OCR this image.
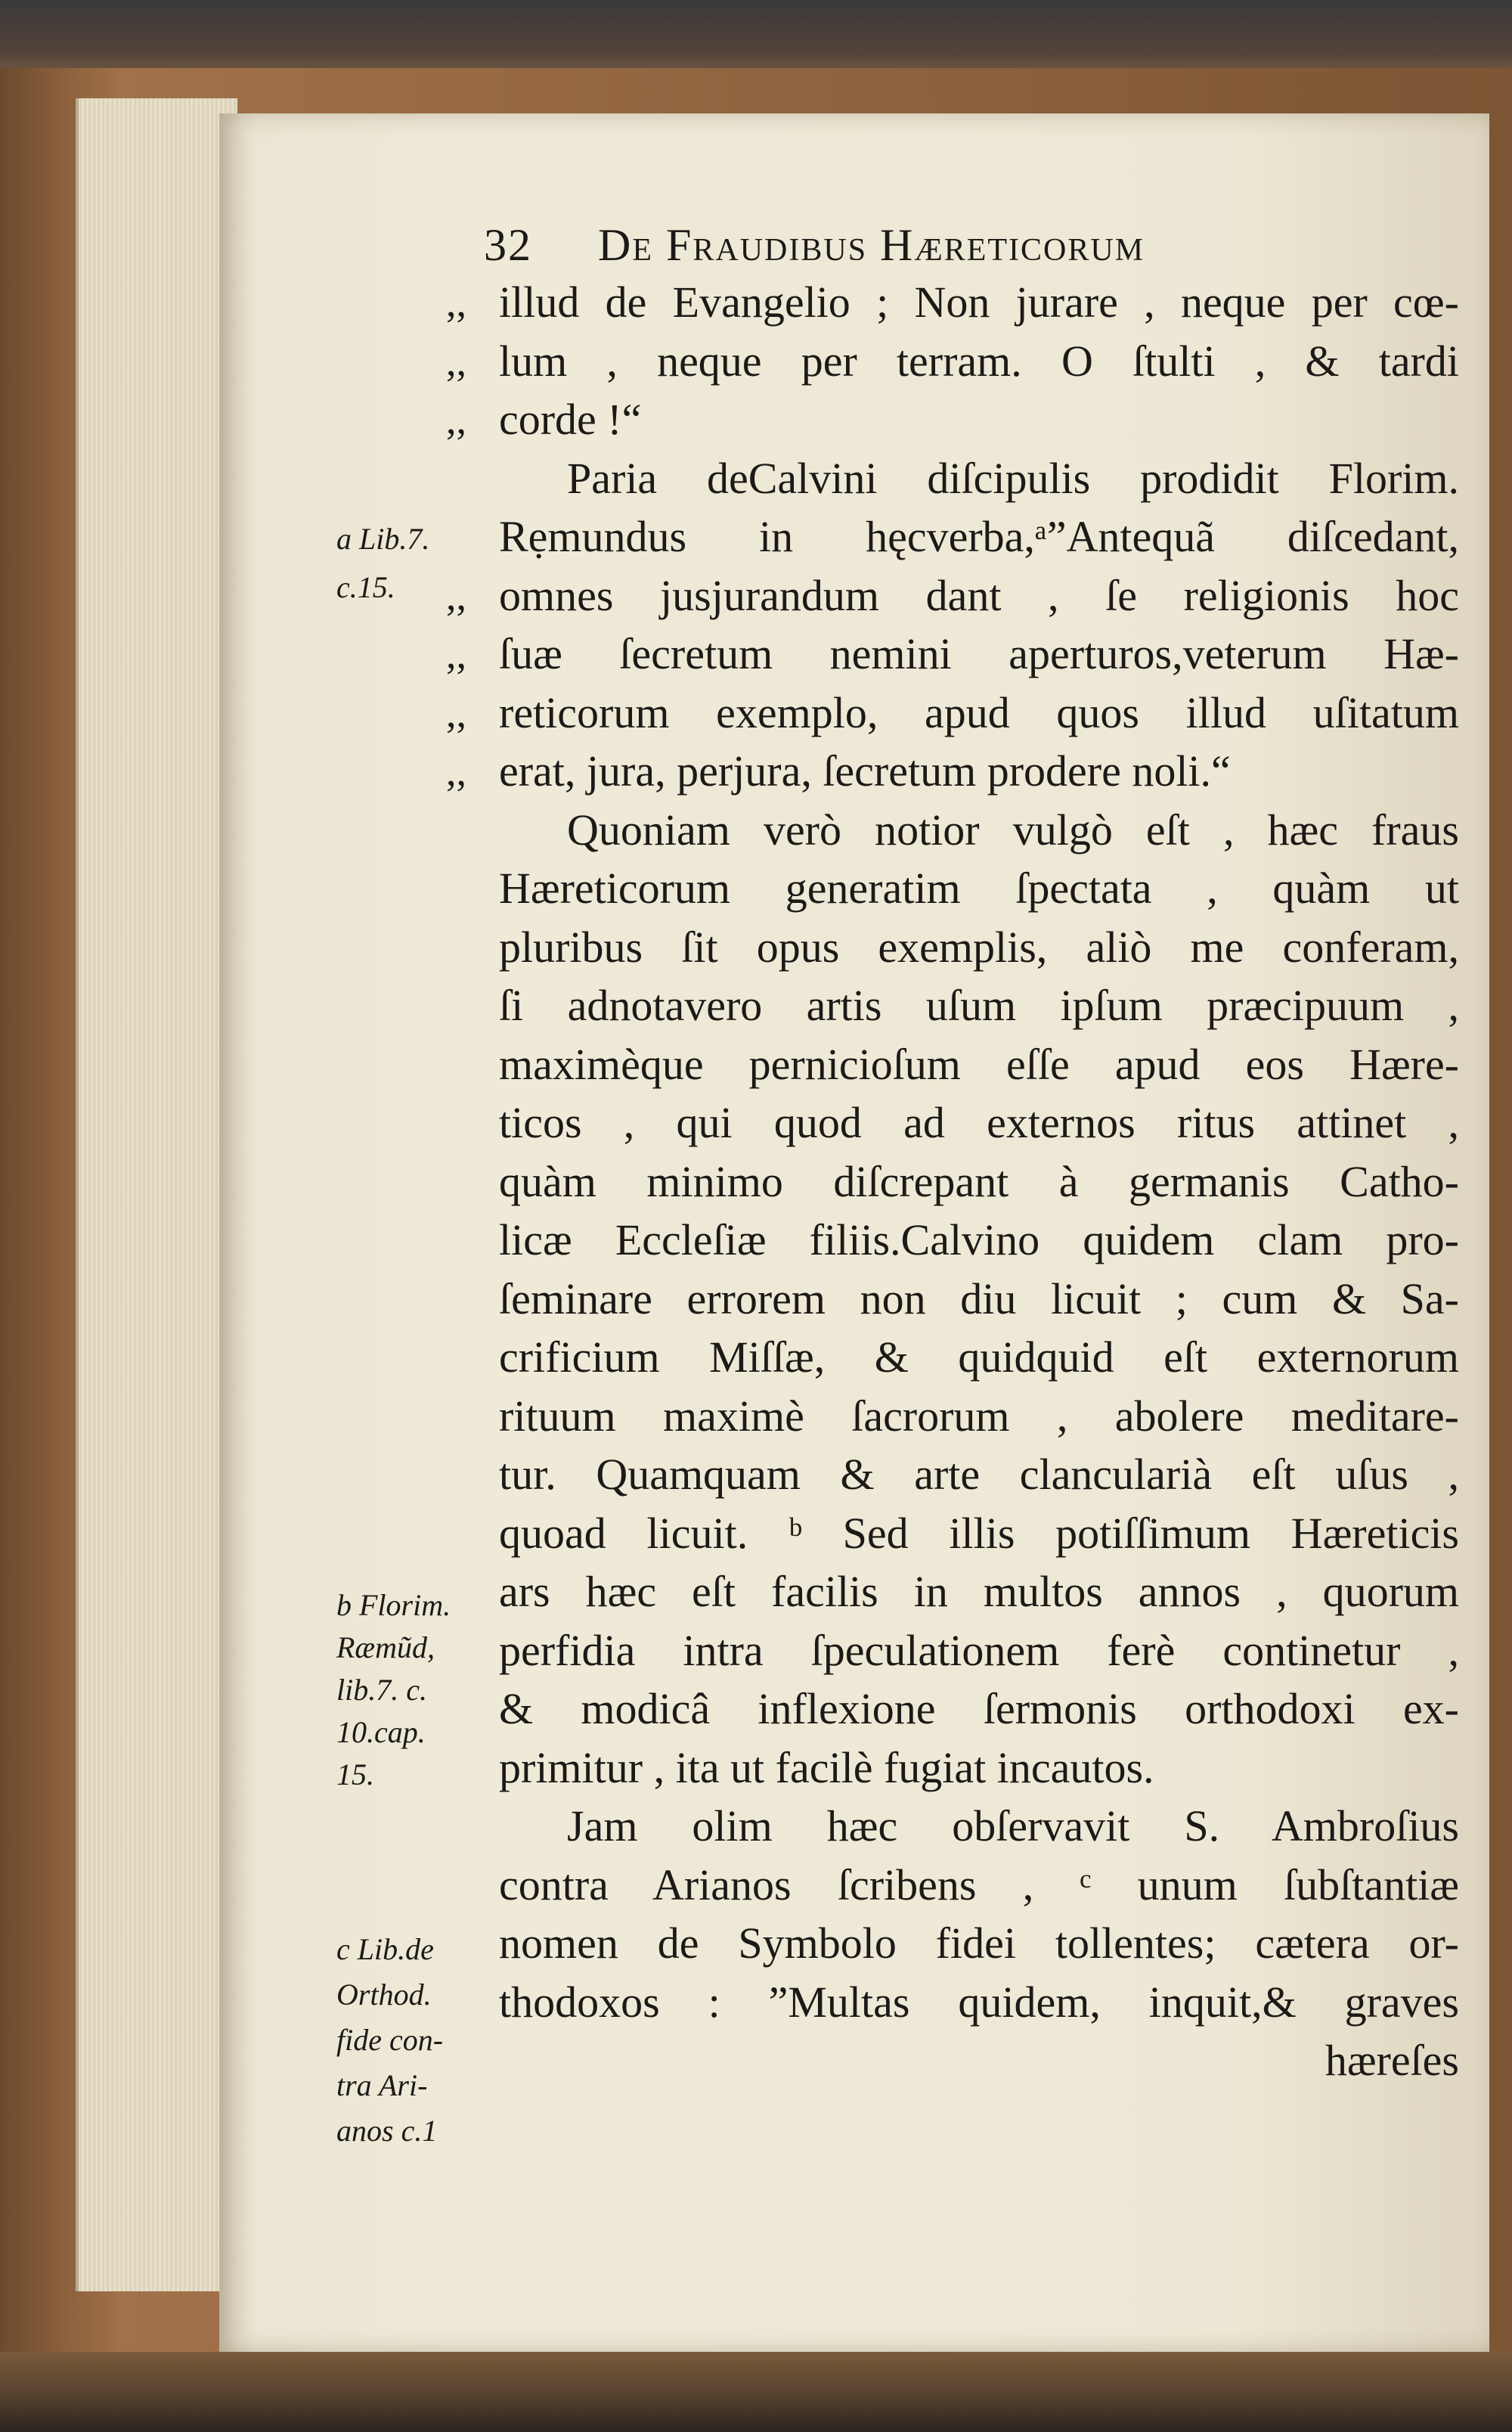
32 De Fraudibus Hæreticorum
,, illud de Evangelio ; Non jurare , neque per cœ-
,, lum , neque per terram. O ſtulti , & tardi
,, corde !“
Paria deCalvini diſcipulis prodidit Florim.
Rẹmundus in hęcverba,ᵃ”Antequã diſcedant,
,, omnes jusjurandum dant , ſe religionis hoc
,, ſuæ ſecretum nemini aperturos,veterum Hæ-
,, reticorum exemplo, apud quos illud uſitatum
,, erat, jura, perjura, ſecretum prodere noli.“
Quoniam verò notior vulgò eſt , hæc fraus
Hæreticorum generatim ſpectata , quàm ut
pluribus ſit opus exemplis, aliò me conferam,
ſi adnotavero artis uſum ipſum præcipuum ,
maximèque pernicioſum eſſe apud eos Hære-
ticos , qui quod ad externos ritus attinet ,
quàm minimo diſcrepant à germanis Catho-
licæ Eccleſiæ filiis.Calvino quidem clam pro-
ſeminare errorem non diu licuit ; cum & Sa-
crificium Miſſæ, & quidquid eſt externorum
rituum maximè ſacrorum , abolere meditare-
tur. Quamquam & arte clancularià eſt uſus ,
quoad licuit. ᵇ Sed illis potiſſimum Hæreticis
ars hæc eſt facilis in multos annos , quorum
perfidia intra ſpeculationem ferè continetur ,
& modicâ inflexione ſermonis orthodoxi ex-
primitur , ita ut facilè fugiat incautos.
Jam olim hæc obſervavit S. Ambroſius
contra Arianos ſcribens , ᶜ unum ſubſtantiæ
nomen de Symbolo fidei tollentes; cætera or-
thodoxos : ”Multas quidem, inquit,& graves
hæreſes
a Lib.7.
c.15.
b Florim.
Ræmũd,
lib.7. c.
10.cap.
15.
c Lib.de
Orthod.
fide con-
tra Ari-
anos c.1
